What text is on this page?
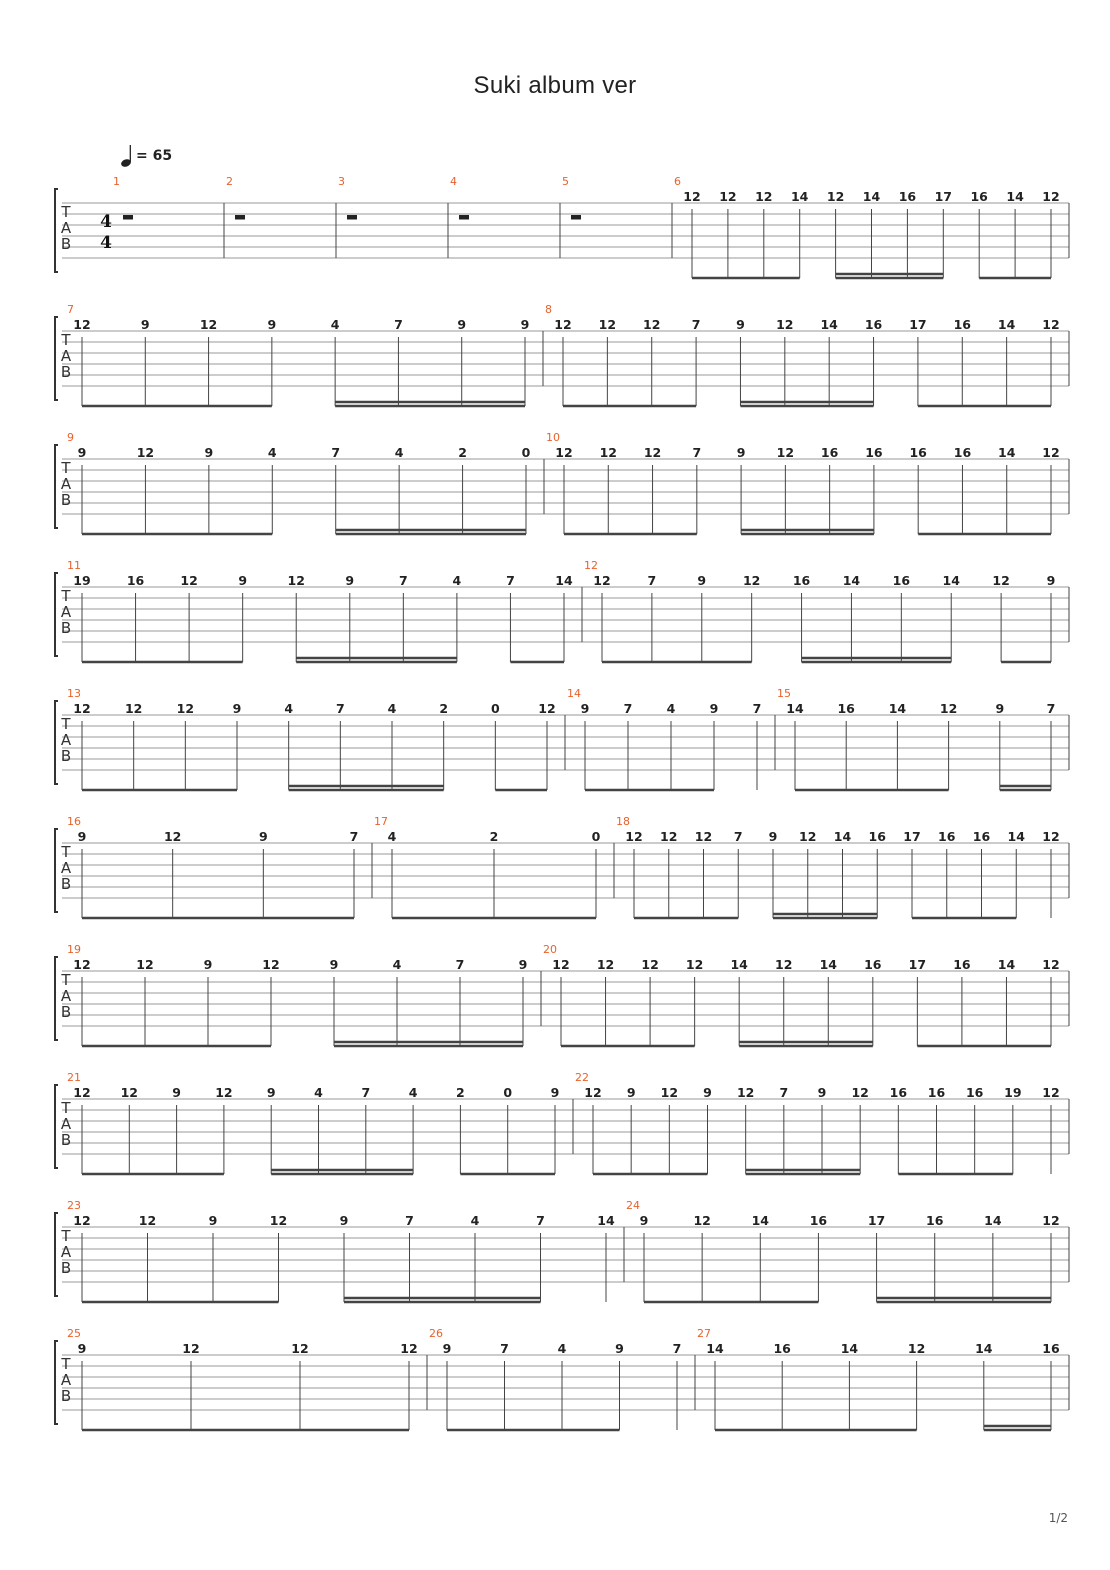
Suki album ver
= 65
T
A
B
4
4
1	2	3	4	5	6
12 12 12 14 12 14 16 17 16 14 12
T
A
B
7
12	9	12	9	4	7	9	9
8
12 12 12	7	9	12 14 16 17 16 14 12
T
A
B
9
9	12	9	4	7	4	2	0
10
12 12 12 7	9 12 16 16 16 16 14 12
T
A
B
11
19	16	12	9	12	9	7	4	7	14
12
12	7	9	12	16	14	16	14	12	9
T
A
B
13
12	12	12	9	4	7	4	2	0	12
14
9	7	4	9	7
15
14	16	14	12	9	7
T
A
B
16
9	12	9	7
17
4	2	0
18
12 12 12 7 9 12 14 16 17 16 16 14 12
T
A
B
19
12	12	9	12	9	4	7	9
20
12 12 12 12 14 12 14 16 17 16 14 12
T
A
B
21
12 12	9	12	9	4	7	4	2	0	9
22
12 9 12 9 12 7 9 12 16 16 16 19 12
T
A
B
23
12	12	9	12	9	7	4	7	14
24
9	12	14	16	17	16	14	12
T
A
B
25
9	12	12	12
26
9	7	4	9	7
27
14	16	14	12	14	16
1/2
